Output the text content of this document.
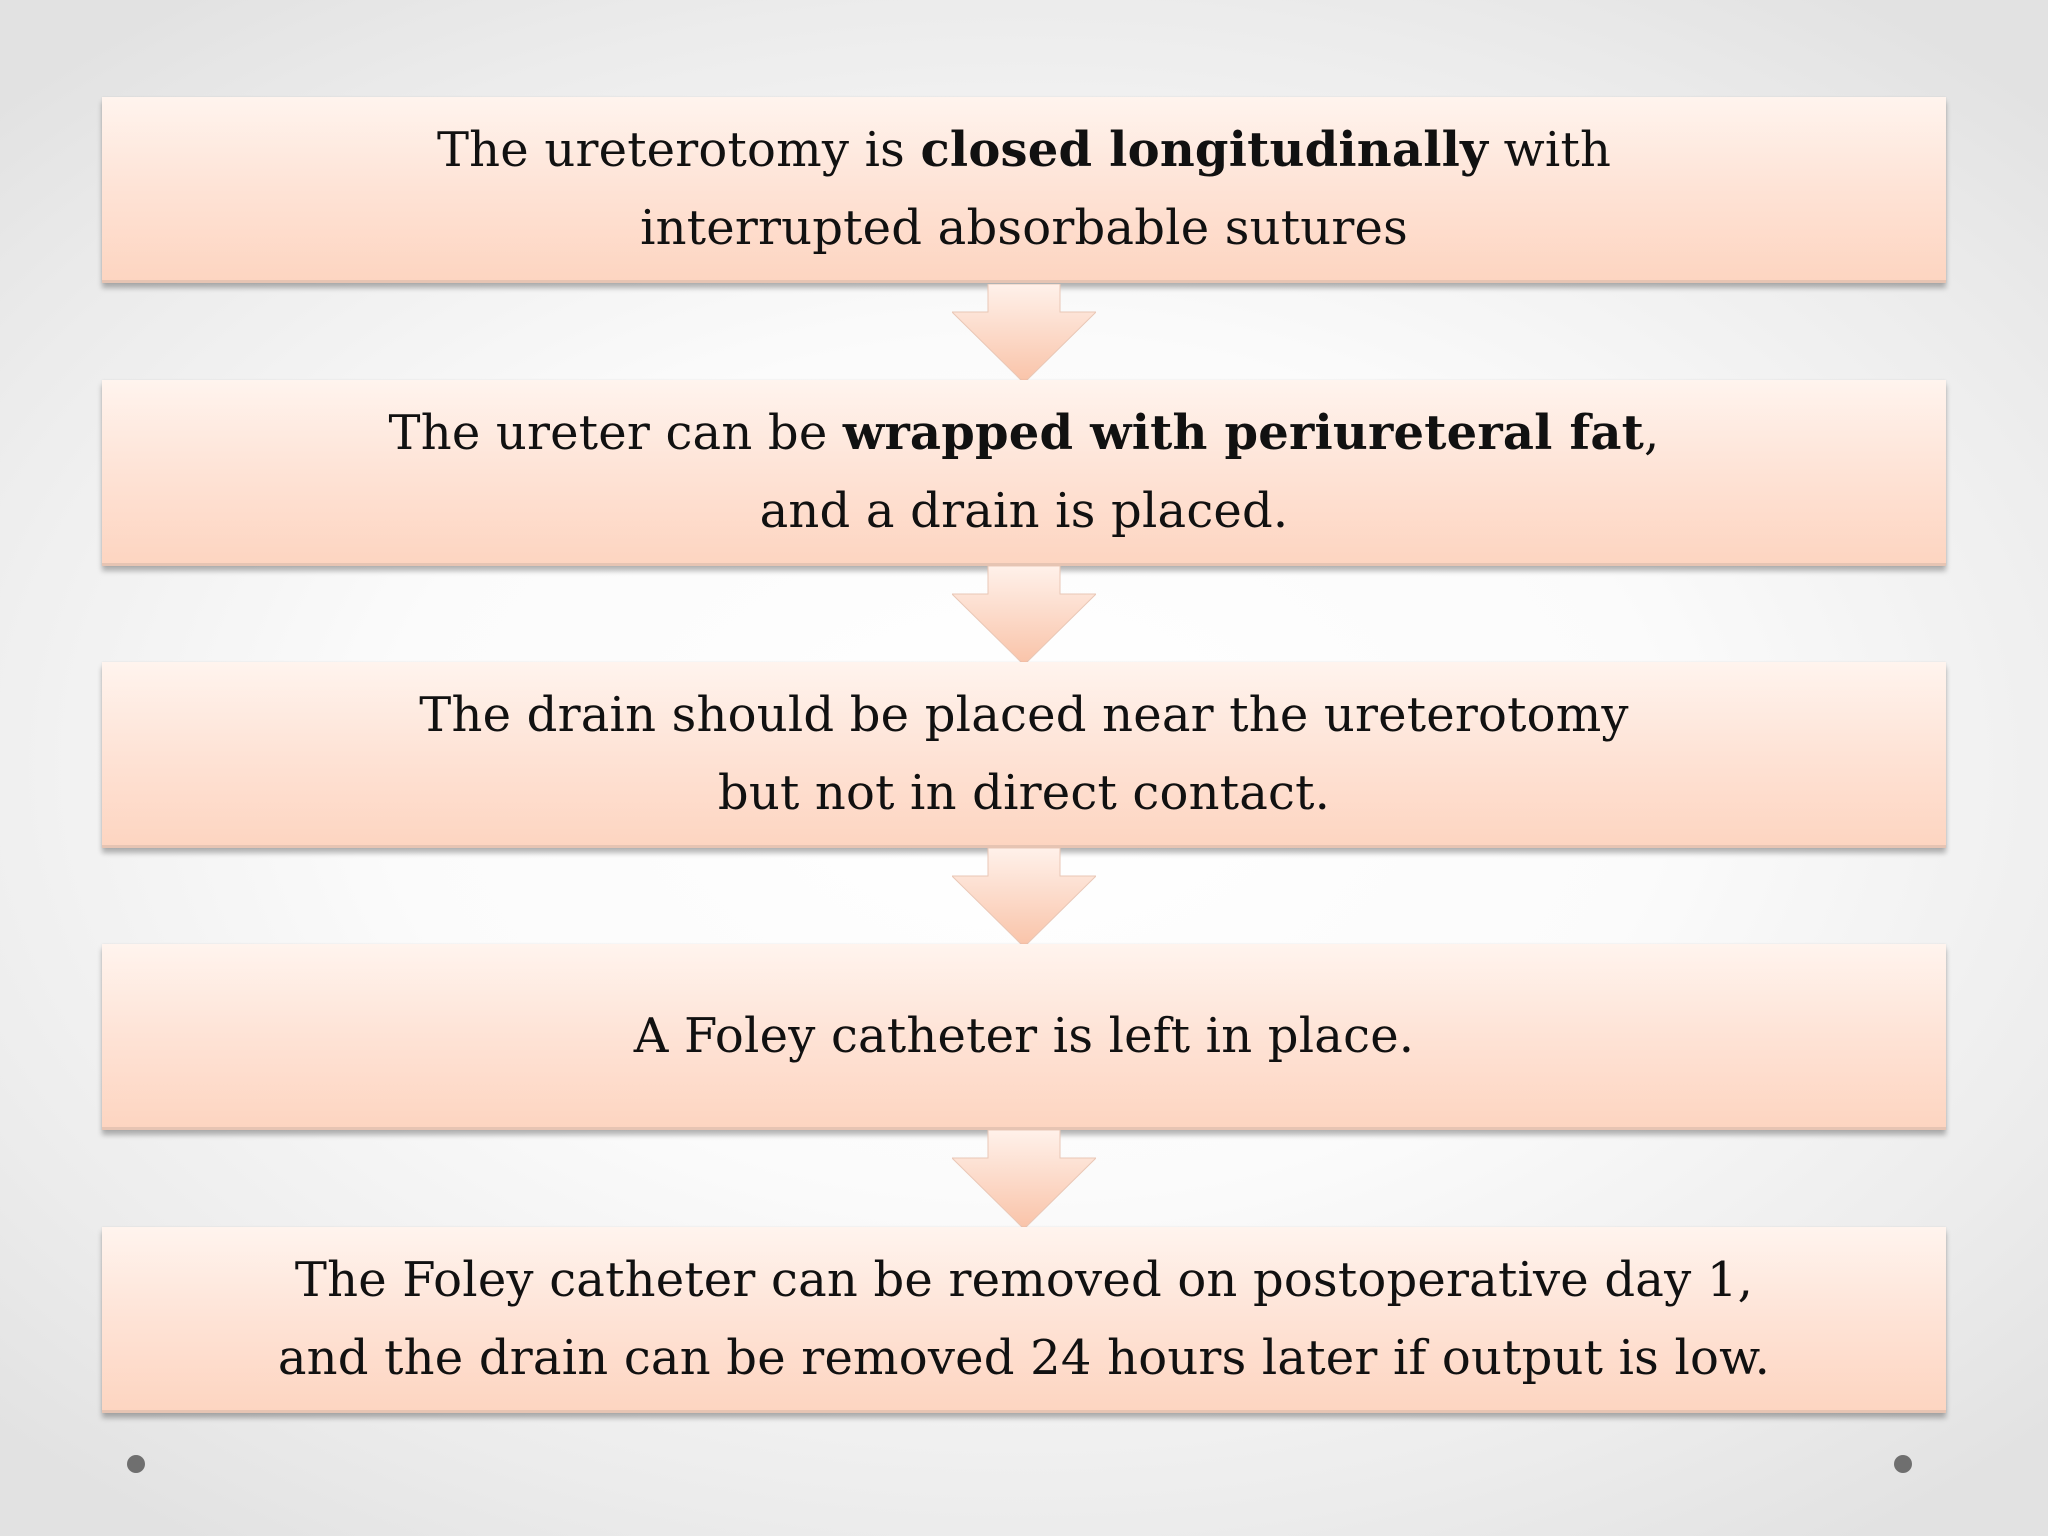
The ureterotomy is closed longitudinally with
interrupted absorbable sutures
The ureter can be wrapped with periureteral fat,
and a drain is placed.
The drain should be placed near the ureterotomy
but not in direct contact.
A Foley catheter is left in place.
The Foley catheter can be removed on postoperative day 1,
and the drain can be removed 24 hours later if output is low.
